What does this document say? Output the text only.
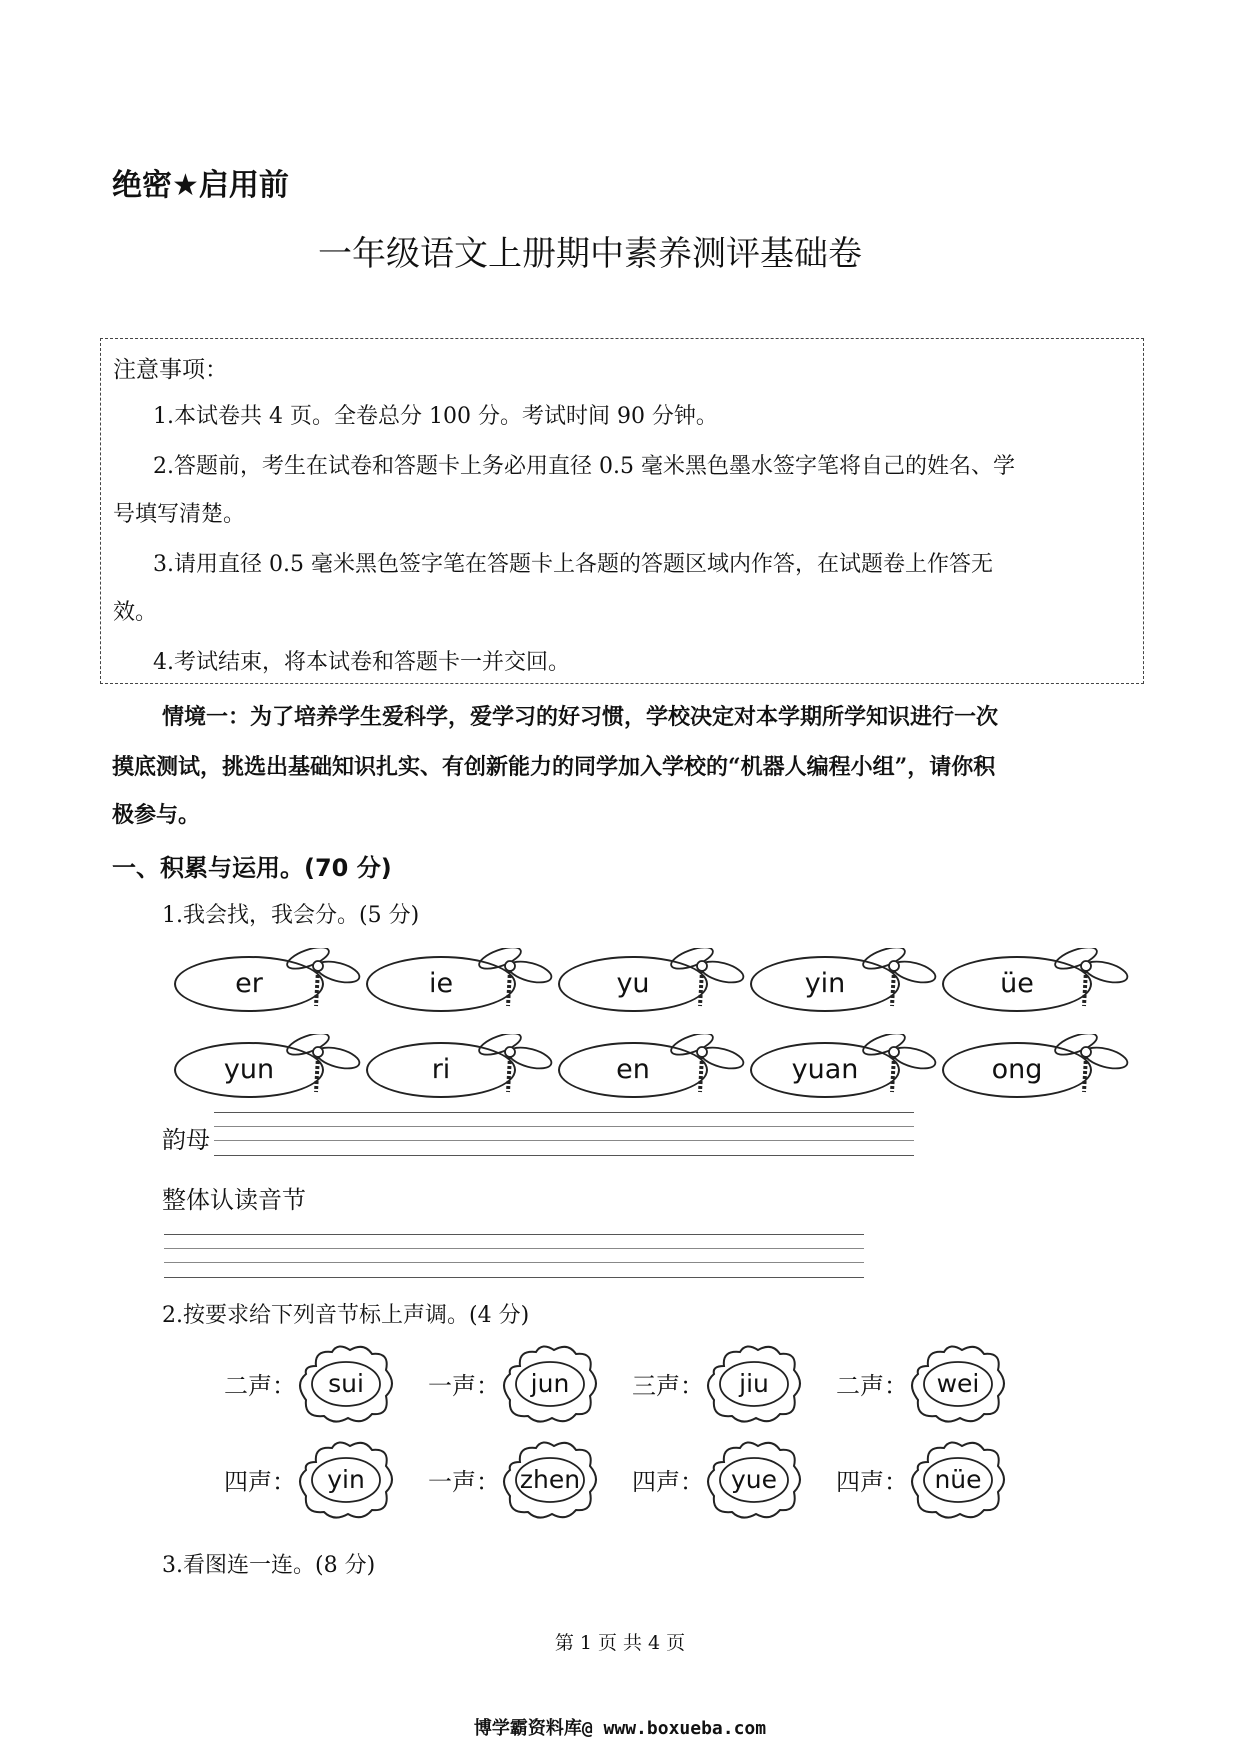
绝密★启用前
一年级语文上册期中素养测评基础卷
注意事项：
1.本试卷共 4 页。全卷总分 100 分。考试时间 90 分钟。
2.答题前，考生在试卷和答题卡上务必用直径 0.5 毫米黑色墨水签字笔将自己的姓名、学
号填写清楚。
3.请用直径 0.5 毫米黑色签字笔在答题卡上各题的答题区域内作答，在试题卷上作答无
效。
4.考试结束，将本试卷和答题卡一并交回。
情境一：为了培养学生爱科学，爱学习的好习惯，学校决定对本学期所学知识进行一次
摸底测试，挑选出基础知识扎实、有创新能力的同学加入学校的“机器人编程小组”，请你积
极参与。
一、积累与运用。(70 分)
1.我会找，我会分。(5 分)
er	ie	yu	yin	üe
yun	ri	en	yuan	ong
韵母
整体认读音节
2.按要求给下列音节标上声调。(4 分)
二声：	sui	一声：	jun	三声：	jiu	二声：	wei
四声：	yin	一声： zhen	四声：	yue	四声：	nüe
3.看图连一连。(8 分)
第 1 页 共 4 页
博学霸资料库@ www.boxueba.com
